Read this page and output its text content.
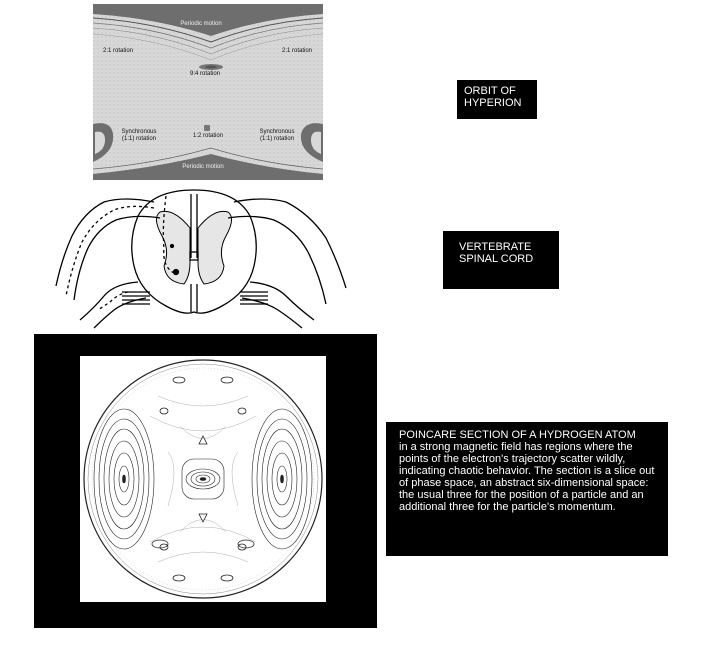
Periodic motion
2:1 rotation	2:1 rotation
9:4 rotation
1:2 rotation
Synchronous
(1:1) rotation
Synchronous
(1:1) rotation
Periodic motion
ORBIT OF
HYPERION
VERTEBRATE
SPINAL CORD
POINCARE SECTION OF A HYDROGEN ATOM
in a strong magnetic field has regions where the points of the electron's trajectory scatter wildly, indicating chaotic behavior. The section is a slice out of phase space, an abstract six-dimensional space: the usual three for the position of a particle and an additional three for the particle's momentum.
